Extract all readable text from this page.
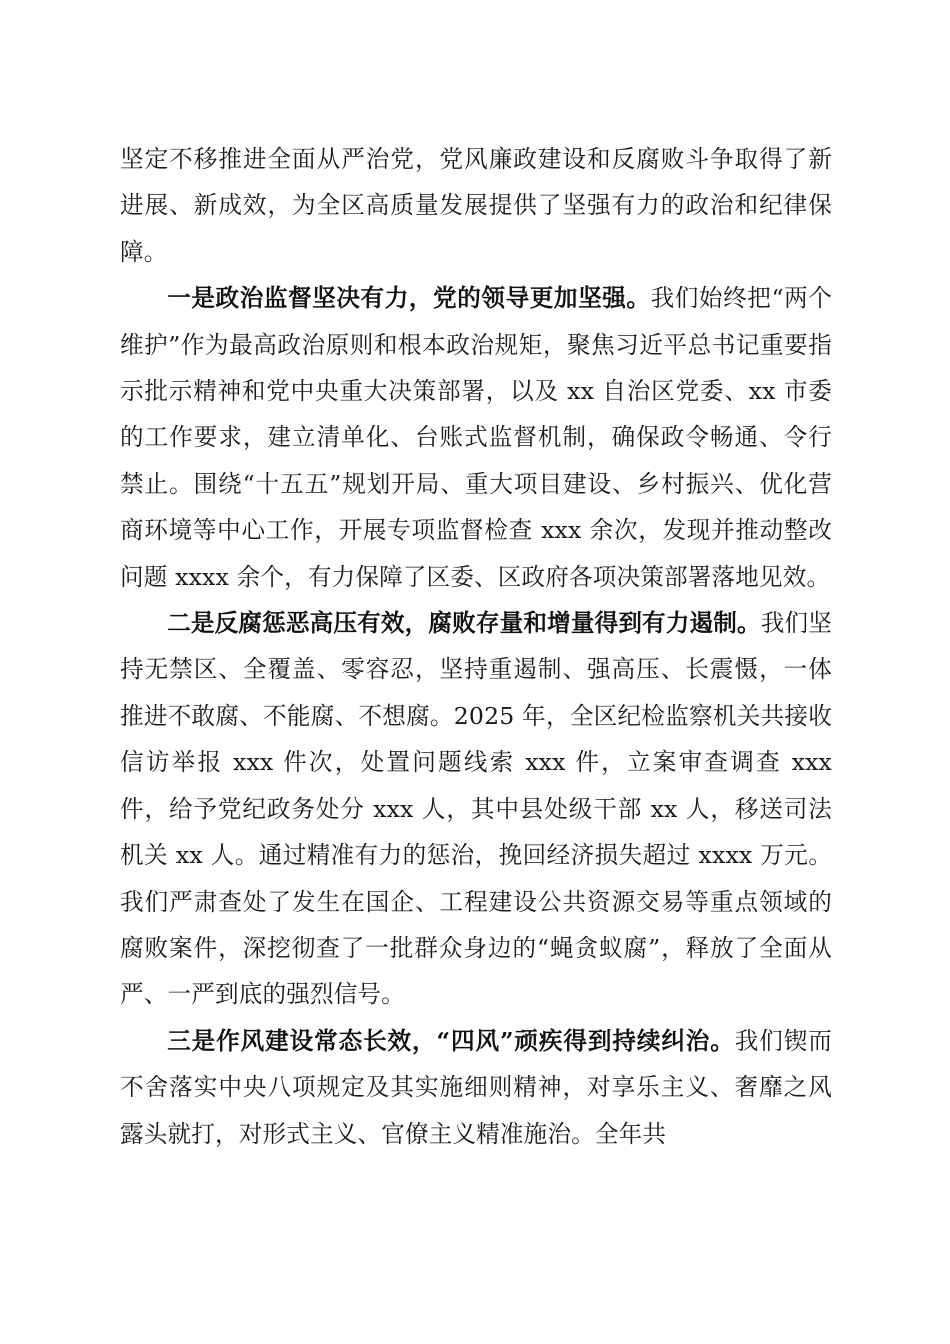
坚定不移推进全面从严治党，党风廉政建设和反腐败斗争取得了新进展、新成效，为全区高质量发展提供了坚强有力的政治和纪律保障。

一是政治监督坚决有力，党的领导更加坚强。我们始终把“两个维护”作为最高政治原则和根本政治规矩，聚焦习近平总书记重要指示批示精神和党中央重大决策部署，以及 xx 自治区党委、xx 市委的工作要求，建立清单化、台账式监督机制，确保政令畅通、令行禁止。围绕“十五五”规划开局、重大项目建设、乡村振兴、优化营商环境等中心工作，开展专项监督检查 xxx 余次，发现并推动整改问题 xxxx 余个，有力保障了区委、区政府各项决策部署落地见效。

二是反腐惩恶高压有效，腐败存量和增量得到有力遏制。我们坚持无禁区、全覆盖、零容忍，坚持重遏制、强高压、长震慑，一体推进不敢腐、不能腐、不想腐。2025 年，全区纪检监察机关共接收信访举报 xxx 件次，处置问题线索 xxx 件，立案审查调查 xxx 件，给予党纪政务处分 xxx 人，其中县处级干部 xx 人，移送司法机关 xx 人。通过精准有力的惩治，挽回经济损失超过 xxxx 万元。我们严肃查处了发生在国企、工程建设公共资源交易等重点领域的腐败案件，深挖彻查了一批群众身边的“蝇贪蚁腐”，释放了全面从严、一严到底的强烈信号。

三是作风建设常态长效，“四风”顽疾得到持续纠治。我们锲而不舍落实中央八项规定及其实施细则精神，对享乐主义、奢靡之风露头就打，对形式主义、官僚主义精准施治。全年共
